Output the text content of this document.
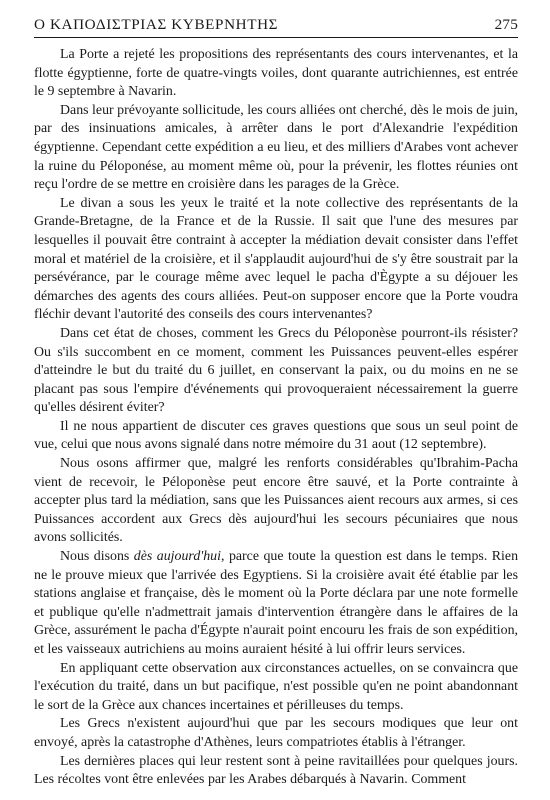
Ο ΚΑΠΟΔΙΣΤΡΙΑΣ ΚΥΒΕΡΝΗΤΗΣ	275

La Porte a rejeté les propositions des représentants des cours intervenantes, et la flotte égyptienne, forte de quatre-vingts voiles, dont quarante autrichiennes, est entrée le 9 septembre à Navarin.

Dans leur prévoyante sollicitude, les cours alliées ont cherché, dès le mois de juin, par des insinuations amicales, à arrêter dans le port d'Alexandrie l'expédition égyptienne. Cependant cette expédition a eu lieu, et des milliers d'Arabes vont achever la ruine du Péloponése, au moment même où, pour la prévenir, les flottes réunies ont reçu l'ordre de se mettre en croisière dans les parages de la Grèce.

Le divan a sous les yeux le traité et la note collective des représentants de la Grande-Bretagne, de la France et de la Russie. Il sait que l'une des mesures par lesquelles il pouvait être contraint à accepter la médiation devait consister dans l'effet moral et matériel de la croisière, et il s'applaudit aujourd'hui de s'y être soustrait par la persévérance, par le courage même avec lequel le pacha d'Ègypte a su déjouer les démarches des agents des cours alliées. Peut-on supposer encore que la Porte voudra fléchir devant l'autorité des conseils des cours intervenantes?

Dans cet état de choses, comment les Grecs du Péloponèse pourront-ils résister? Ou s'ils succombent en ce moment, comment les Puissances peuvent-elles espérer d'atteindre le but du traité du 6 juillet, en conservant la paix, ou du moins en ne se placant pas sous l'empire d'événements qui provoqueraient nécessairement la guerre qu'elles désirent éviter?

Il ne nous appartient de discuter ces graves questions que sous un seul point de vue, celui que nous avons signalé dans notre mémoire du 31 aout (12 septembre).

Nous osons affirmer que, malgré les renforts considérables qu'Ibrahim-Pacha vient de recevoir, le Péloponèse peut encore être sauvé, et la Porte contrainte à accepter plus tard la médiation, sans que les Puissances aient recours aux armes, si ces Puissances accordent aux Grecs dès aujourd'hui les secours pécuniaires que nous avons sollicités.

Nous disons dès aujourd'hui, parce que toute la question est dans le temps. Rien ne le prouve mieux que l'arrivée des Egyptiens. Si la croisière avait été établie par les stations anglaise et française, dès le moment où la Porte déclara par une note formelle et publique qu'elle n'admettrait jamais d'intervention étrangère dans le affaires de la Grèce, assurément le pacha d'Égypte n'aurait point encouru les frais de son expédition, et les vaisseaux autrichiens au moins auraient hésité à lui offrir leurs services.

En appliquant cette observation aux circonstances actuelles, on se convaincra que l'exécution du traité, dans un but pacifique, n'est possible qu'en ne point abandonnant le sort de la Grèce aux chances incertaines et périlleuses du temps.

Les Grecs n'existent aujourd'hui que par les secours modiques que leur ont envoyé, après la catastrophe d'Athènes, leurs compatriotes établis à l'étranger.

Les dernières places qui leur restent sont à peine ravitaillées pour quelques jours. Les récoltes vont être enlevées par les Arabes débarqués à Navarin. Comment
